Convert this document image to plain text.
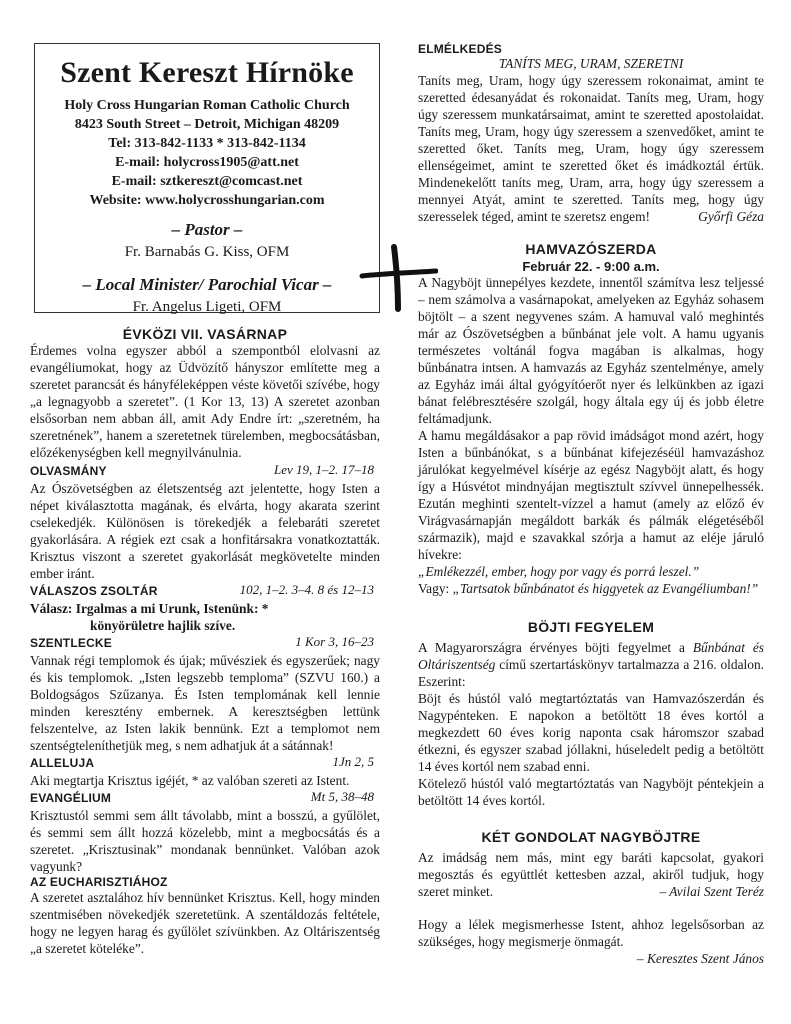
Szent Kereszt Hírnöke
Holy Cross Hungarian Roman Catholic Church
8423 South Street – Detroit, Michigan 48209
Tel: 313-842-1133 * 313-842-1134
E-mail: holycross1905@att.net
E-mail: sztkereszt@comcast.net
Website: www.holycrosshungarian.com
– Pastor –
Fr. Barnabás G. Kiss, OFM
– Local Minister/ Parochial Vicar –
Fr. Angelus Ligeti, OFM
ÉVKÖZI VII. VASÁRNAP

Érdemes volna egyszer abból a szempontból elolvasni az evangéliumokat, hogy az Üdvözítő hányszor említette meg a szeretet parancsát és hányféleképpen véste követői szívébe, hogy „a legnagyobb a szeretet”. (1 Kor 13, 13) A szeretet azonban elsősorban nem abban áll, amit Ady Endre írt: „szeretném, ha szeretnének”, hanem a szeretetnek türelemben, megbocsátásban, előzékenységben kell megnyilvánulnia.

OLVASMÁNY	Lev 19, 1–2. 17–18

Az Ószövetségben az életszentség azt jelentette, hogy Isten a népet kiválasztotta magának, és elvárta, hogy akarata szerint cselekedjék. Különösen is törekedjék a felebaráti szeretet gyakorlására. A régiek ezt csak a honfitársakra vonatkoztatták. Krisztus viszont a szeretet gyakorlását megkövetelte minden ember iránt.

VÁLASZOS ZSOLTÁR	102, 1–2. 3–4. 8 és 12–13
Válasz: Irgalmas a mi Urunk, Istenünk: *
könyörületre hajlik szíve.
SZENTLECKE	1 Kor 3, 16–23

Vannak régi templomok és újak; művésziek és egyszerűek; nagy és kis templomok. „Isten legszebb temploma” (SZVU 160.) a Boldogságos Szűzanya. És Isten templomának kell lennie minden keresztény embernek. A keresztségben lettünk felszentelve, az Isten lakik bennünk. Ezt a templomot nem szentségteleníthetjük meg, s nem adhatjuk át a sátánnak!

ALLELUJA	1Jn 2, 5

Aki megtartja Krisztus igéjét, * az valóban szereti az Istent.

EVANGÉLIUM	Mt 5, 38–48

Krisztustól semmi sem állt távolabb, mint a bosszú, a gyűlölet, és semmi sem állt hozzá közelebb, mint a megbocsátás és a szeretet. „Krisztusinak” mondanak bennünket. Valóban azok vagyunk?

AZ EUCHARISZTIÁHOZ

A szeretet asztalához hív bennünket Krisztus. Kell, hogy minden szentmisében növekedjék szeretetünk. A szentáldozás feltétele, hogy ne legyen harag és gyűlölet szívünkben. Az Oltáriszentség „a szeretet köteléke”.

ELMÉLKEDÉS
TANÍTS MEG, URAM, SZERETNI

Taníts meg, Uram, hogy úgy szeressem rokonaimat, amint te szeretted édesanyádat és rokonaidat. Taníts meg, Uram, hogy úgy szeressem munkatársaimat, amint te szeretted apostolaidat. Taníts meg, Uram, hogy úgy szeressem a szenvedőket, amint te szeretted őket. Taníts meg, Uram, hogy úgy szeressem ellenségeimet, amint te szeretted őket és imádkoztál értük. Mindenekelőtt taníts meg, Uram, arra, hogy úgy szeressem a mennyei Atyát, amint te szeretted. Taníts meg, hogy úgy szeresselek téged, amint te szeretsz engem!	Győrfi Géza

HAMVAZÓSZERDA
Február 22. - 9:00 a.m.

A Nagyböjt ünnepélyes kezdete, innentől számítva lesz teljessé – nem számolva a vasárnapokat, amelyeken az Egyház sohasem böjtölt – a szent negyvenes szám. A hamuval való meghintés már az Ószövetségben a bűnbánat jele volt. A hamu ugyanis természetes voltánál fogva magában is alkalmas, hogy bűnbánatra intsen. A hamvazás az Egyház szentelménye, amely az Egyház imái által gyógyítóerőt nyer és lelkünkben az igazi bánat felébresztésére szolgál, hogy általa egy új és jobb életre feltámadjunk.

A hamu megáldásakor a pap rövid imádságot mond azért, hogy Isten a bűnbánókat, s a bűnbánat kifejezéséül hamvazáshoz járulókat kegyelmével kísérje az egész Nagyböjt alatt, és hogy így a Húsvétot mindnyájan megtisztult szívvel ünnepelhessék. Ezután meghinti szentelt-vízzel a hamut (amely az előző év Virágvasárnapján megáldott barkák és pálmák elégetéséből származik), majd e szavakkal szórja a hamut az eléje járuló hívekre:

„Emlékezzél, ember, hogy por vagy és porrá leszel.”

Vagy: „Tartsatok bűnbánatot és higgyetek az Evangéliumban!”

BÖJTI FEGYELEM

A Magyarországra érvényes böjti fegyelmet a Bűnbánat és Oltáriszentség című szertartáskönyv tartalmazza a 216. oldalon. Eszerint:

Böjt és hústól való megtartóztatás van Hamvazószerdán és Nagypénteken. E napokon a betöltött 18 éves kortól a megkezdett 60 éves korig naponta csak háromszor szabad étkezni, és egyszer szabad jóllakni, húseledelt pedig a betöltött 14 éves kortól nem szabad enni.

Kötelező hústól való megtartóztatás van Nagyböjt péntekjein a betöltött 14 éves kortól.

KÉT GONDOLAT NAGYBÖJTRE

Az imádság nem más, mint egy baráti kapcsolat, gyakori megosztás és együttlét kettesben azzal, akiről tudjuk, hogy szeret minket.	– Avilai Szent Teréz

Hogy a lélek megismerhesse Istent, ahhoz legelsősorban az szükséges, hogy megismerje önmagát.

– Keresztes Szent János
